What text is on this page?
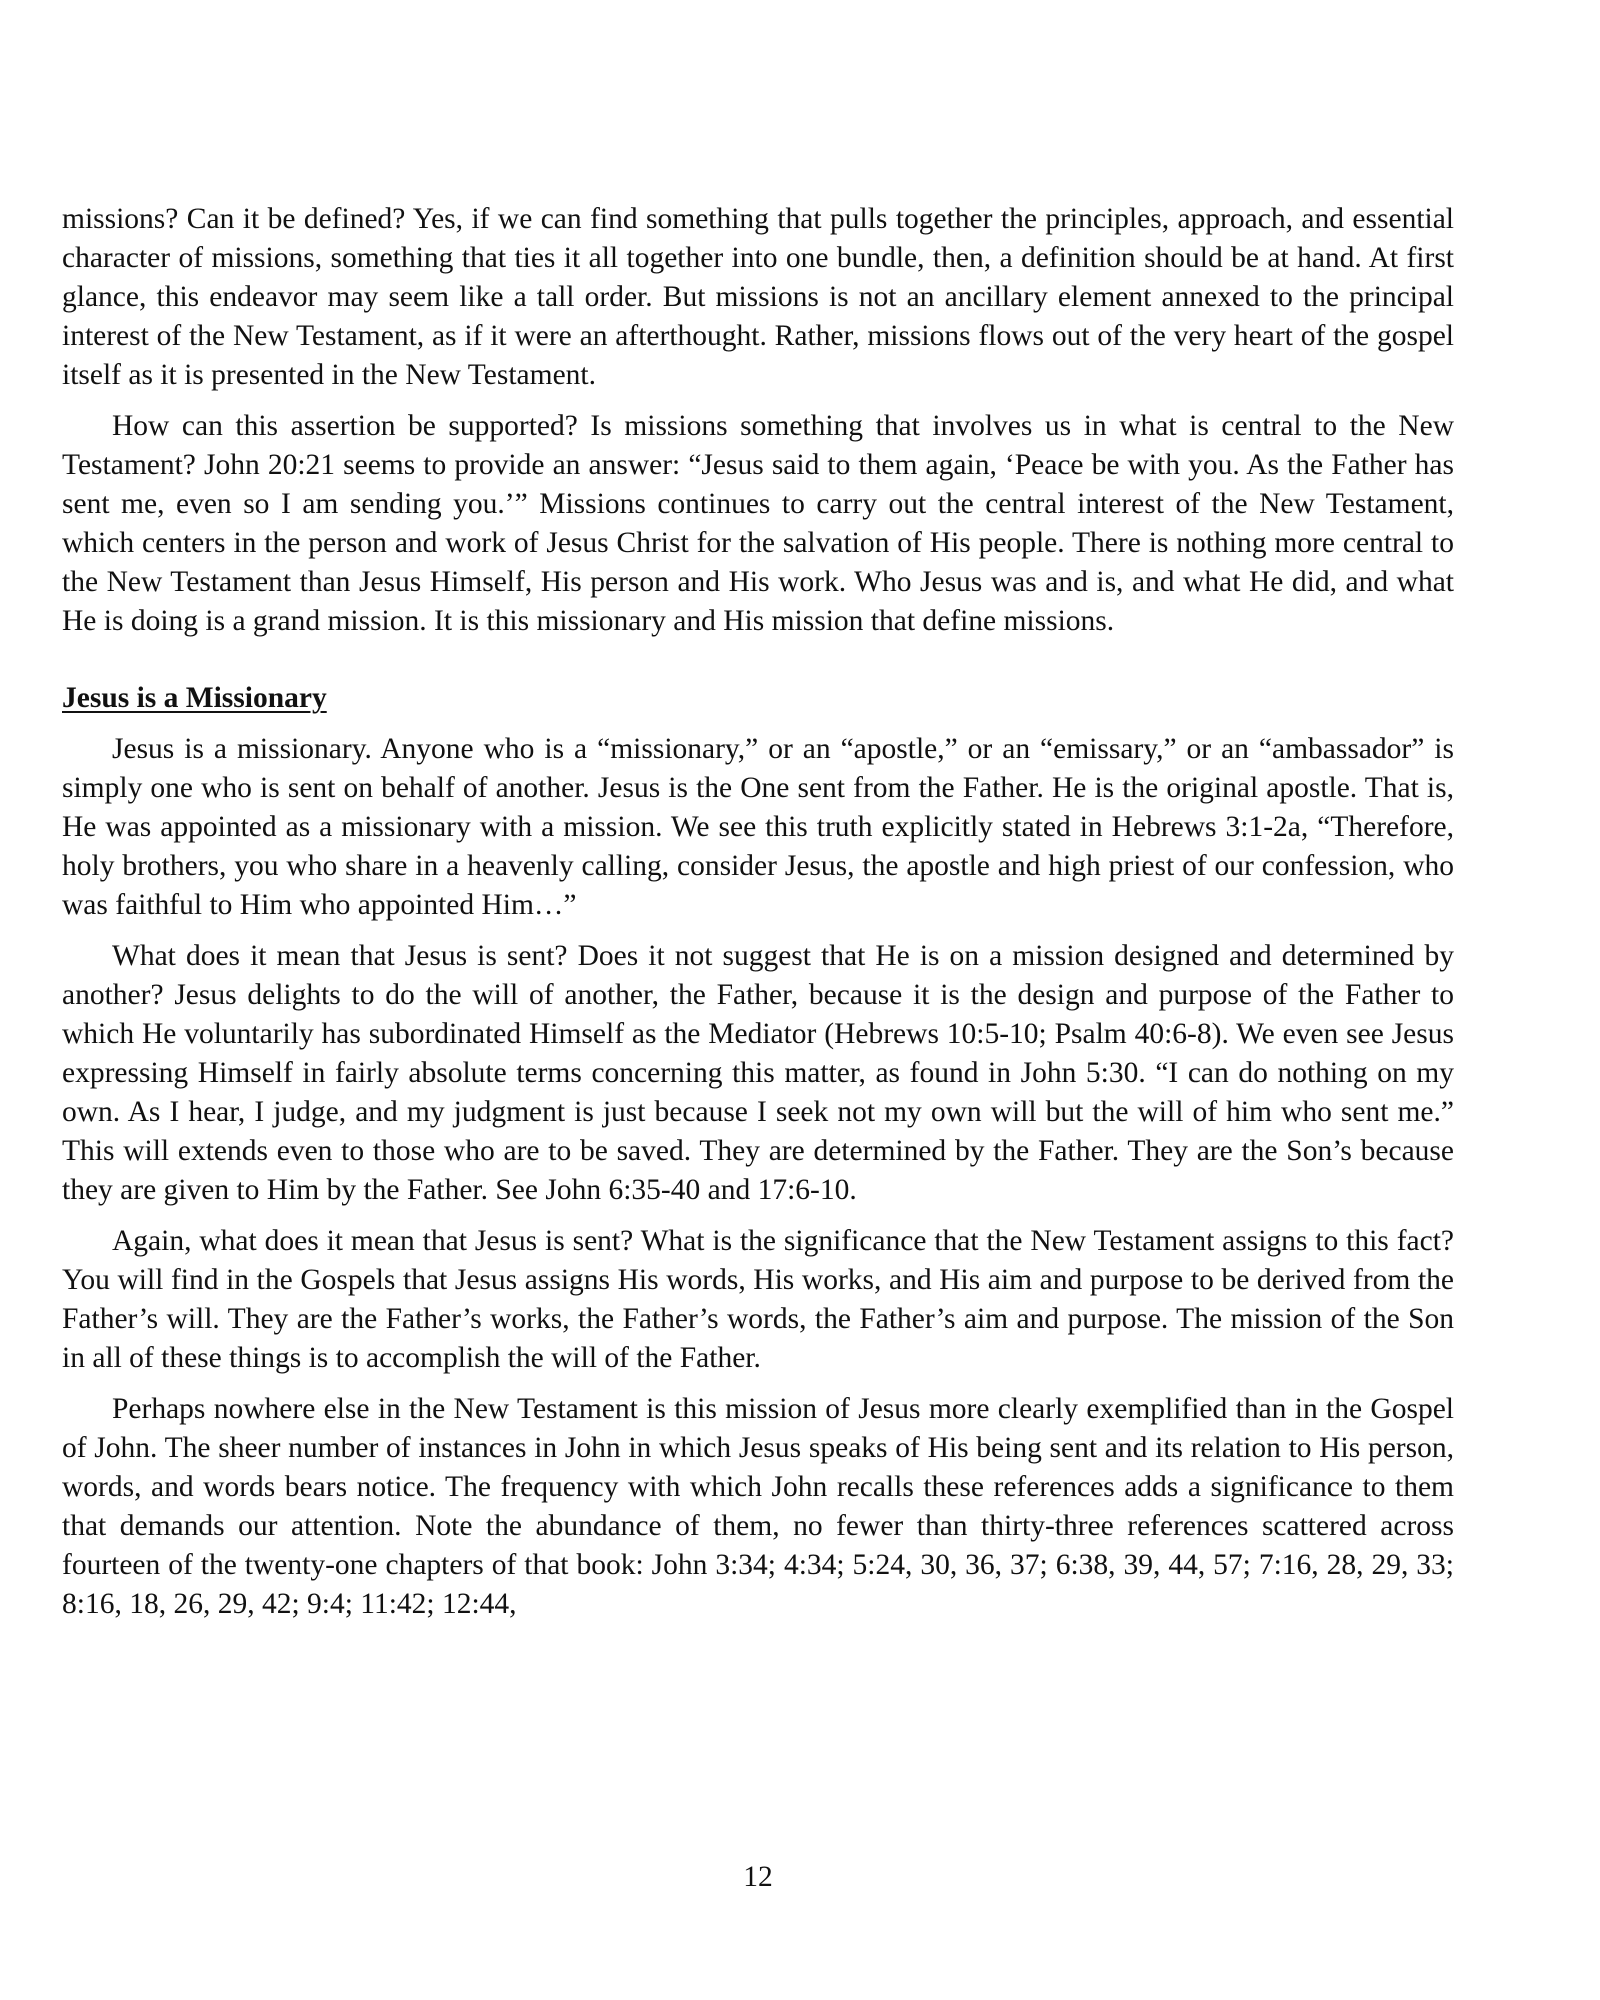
missions? Can it be defined? Yes, if we can find something that pulls together the principles, approach, and essential character of missions, something that ties it all together into one bundle, then, a definition should be at hand. At first glance, this endeavor may seem like a tall order. But missions is not an ancillary element annexed to the principal interest of the New Testament, as if it were an afterthought. Rather, missions flows out of the very heart of the gospel itself as it is presented in the New Testament.

How can this assertion be supported? Is missions something that involves us in what is central to the New Testament? John 20:21 seems to provide an answer: “Jesus said to them again, ‘Peace be with you. As the Father has sent me, even so I am sending you.’” Missions continues to carry out the central interest of the New Testament, which centers in the person and work of Jesus Christ for the salvation of His people. There is nothing more central to the New Testament than Jesus Himself, His person and His work. Who Jesus was and is, and what He did, and what He is doing is a grand mission. It is this missionary and His mission that define missions.

Jesus is a Missionary

Jesus is a missionary. Anyone who is a “missionary,” or an “apostle,” or an “emissary,” or an “ambassador” is simply one who is sent on behalf of another. Jesus is the One sent from the Father. He is the original apostle. That is, He was appointed as a missionary with a mission. We see this truth explicitly stated in Hebrews 3:1-2a, “Therefore, holy brothers, you who share in a heavenly calling, consider Jesus, the apostle and high priest of our confession, who was faithful to Him who appointed Him…”

What does it mean that Jesus is sent? Does it not suggest that He is on a mission designed and determined by another? Jesus delights to do the will of another, the Father, because it is the design and purpose of the Father to which He voluntarily has subordinated Himself as the Mediator (Hebrews 10:5-10; Psalm 40:6-8). We even see Jesus expressing Himself in fairly absolute terms concerning this matter, as found in John 5:30. “I can do nothing on my own. As I hear, I judge, and my judgment is just because I seek not my own will but the will of him who sent me.” This will extends even to those who are to be saved. They are determined by the Father. They are the Son’s because they are given to Him by the Father. See John 6:35-40 and 17:6-10.

Again, what does it mean that Jesus is sent? What is the significance that the New Testament assigns to this fact? You will find in the Gospels that Jesus assigns His words, His works, and His aim and purpose to be derived from the Father’s will. They are the Father’s works, the Father’s words, the Father’s aim and purpose. The mission of the Son in all of these things is to accomplish the will of the Father.

Perhaps nowhere else in the New Testament is this mission of Jesus more clearly exemplified than in the Gospel of John. The sheer number of instances in John in which Jesus speaks of His being sent and its relation to His person, words, and words bears notice. The frequency with which John recalls these references adds a significance to them that demands our attention. Note the abundance of them, no fewer than thirty-three references scattered across fourteen of the twenty-one chapters of that book: John 3:34; 4:34; 5:24, 30, 36, 37; 6:38, 39, 44, 57; 7:16, 28, 29, 33; 8:16, 18, 26, 29, 42; 9:4; 11:42; 12:44,

12
